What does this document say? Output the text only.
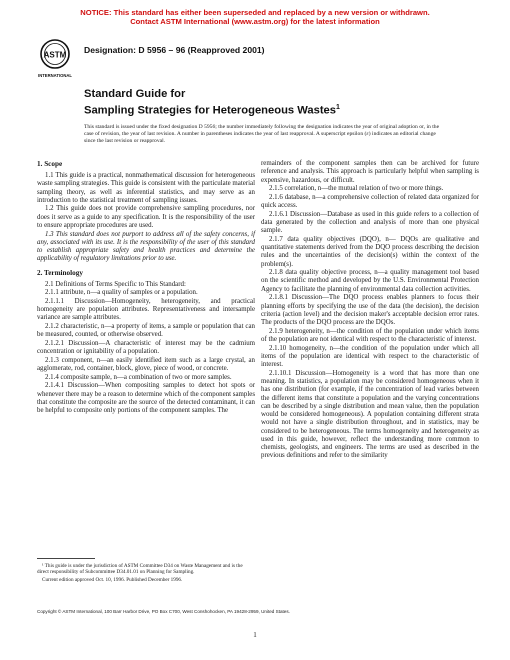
NOTICE: This standard has either been superseded and replaced by a new version or withdrawn.
Contact ASTM International (www.astm.org) for the latest information
ASTM
INTERNATIONAL
Designation: D 5956 – 96 (Reapproved 2001)
Standard Guide for
Sampling Strategies for Heterogeneous Wastes$^1$
This standard is issued under the fixed designation D 5956; the number immediately following the designation indicates the year of original adoption or, in the case of revision, the year of last revision. A number in parentheses indicates the year of last reapproval. A superscript epsilon (ε) indicates an editorial change since the last revision or reapproval.
1. Scope

1.1 This guide is a practical, nonmathematical discussion for heterogeneous waste sampling strategies. This guide is consistent with the particulate material sampling theory, as well as inferential statistics, and may serve as an introduction to the statistical treatment of sampling issues.

1.2 This guide does not provide comprehensive sampling procedures, nor does it serve as a guide to any specification. It is the responsibility of the user to ensure appropriate procedures are used.

1.3 This standard does not purport to address all of the safety concerns, if any, associated with its use. It is the responsibility of the user of this standard to establish appropriate safety and health practices and determine the applicability of regulatory limitations prior to use.

2. Terminology

2.1 Definitions of Terms Specific to This Standard:

2.1.1 attribute, n—a quality of samples or a population.

2.1.1.1 Discussion—Homogeneity, heterogeneity, and practical homogeneity are population attributes. Representativeness and intersample variance are sample attributes.

2.1.2 characteristic, n—a property of items, a sample or population that can be measured, counted, or otherwise observed.

2.1.2.1 Discussion—A characteristic of interest may be the cadmium concentration or ignitability of a population.

2.1.3 component, n—an easily identified item such as a large crystal, an agglomerate, rod, container, block, glove, piece of wood, or concrete.

2.1.4 composite sample, n—a combination of two or more samples.

2.1.4.1 Discussion—When compositing samples to detect hot spots or whenever there may be a reason to determine which of the component samples that constitute the composite are the source of the detected contaminant, it can be helpful to composite only portions of the component samples. The

¹ This guide is under the jurisdiction of ASTM Committee D34 on Waste Management and is the direct responsibility of Subcommittee D34.01.01 on Planning for Sampling.

Current edition approved Oct. 10, 1996. Published December 1996.

remainders of the component samples then can be archived for future reference and analysis. This approach is particularly helpful when sampling is expensive, hazardous, or difficult.

2.1.5 correlation, n—the mutual relation of two or more things.

2.1.6 database, n—a comprehensive collection of related data organized for quick access.

2.1.6.1 Discussion—Database as used in this guide refers to a collection of data generated by the collection and analysis of more than one physical sample.

2.1.7 data quality objectives (DQO), n— DQOs are qualitative and quantitative statements derived from the DQO process describing the decision rules and the uncertainties of the decision(s) within the context of the problem(s).

2.1.8 data quality objective process, n—a quality management tool based on the scientific method and developed by the U.S. Environmental Protection Agency to facilitate the planning of environmental data collection activities.

2.1.8.1 Discussion—The DQO process enables planners to focus their planning efforts by specifying the use of the data (the decision), the decision criteria (action level) and the decision maker's acceptable decision error rates. The products of the DQO process are the DQOs.

2.1.9 heterogeneity, n—the condition of the population under which items of the population are not identical with respect to the characteristic of interest.

2.1.10 homogeneity, n—the condition of the population under which all items of the population are identical with respect to the characteristic of interest.

2.1.10.1 Discussion—Homogeneity is a word that has more than one meaning. In statistics, a population may be considered homogeneous when it has one distribution (for example, if the concentration of lead varies between the different items that constitute a population and the varying concentrations can be described by a single distribution and mean value, then the population would be considered homogeneous). A population containing different strata would not have a single distribution throughout, and in statistics, may be considered to be heterogeneous. The terms homogeneity and heterogeneity as used in this guide, however, reflect the understanding more common to chemists, geologists, and engineers. The terms are used as described in the previous definitions and refer to the similarity

Copyright © ASTM International, 100 Barr Harbor Drive, PO Box C700, West Conshohocken, PA 19428-2959, United States.
1
